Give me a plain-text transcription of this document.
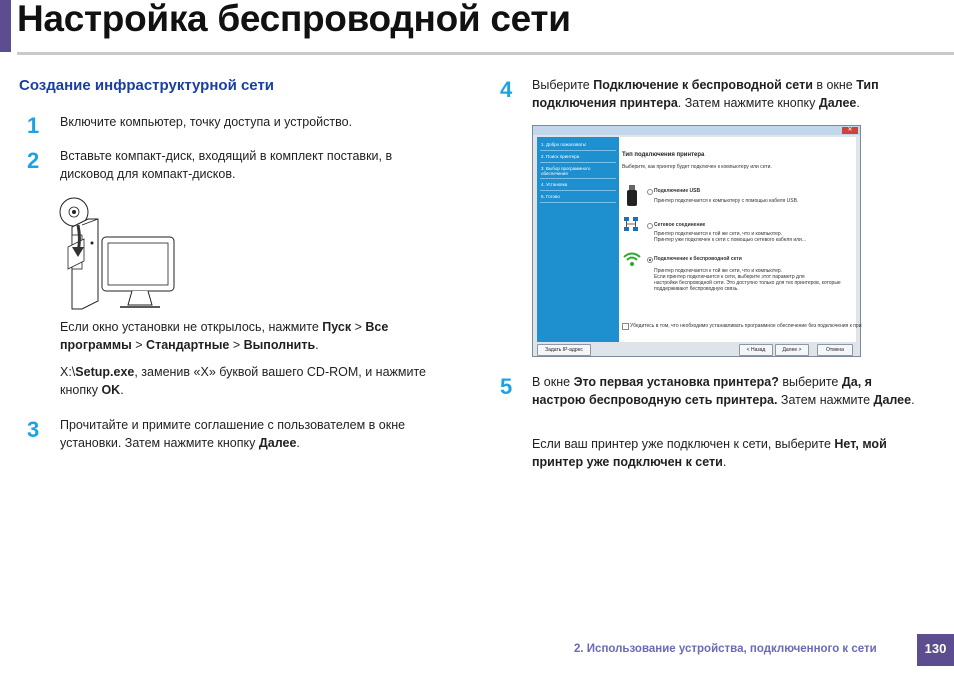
Настройка беспроводной сети
Создание инфраструктурной сети
1 Включите компьютер, точку доступа и устройство.
2 Вставьте компакт-диск, входящий в комплект поставки, в дисковод для компакт-дисков.
Если окно установки не открылось, нажмите Пуск > Все программы > Стандартные > Выполнить.
X:\Setup.exe, заменив «X» буквой вашего CD-ROM, и нажмите кнопку OK.
3 Прочитайте и примите соглашение с пользователем в окне установки. Затем нажмите кнопку Далее.
4 Выберите Подключение к беспроводной сети в окне Тип подключения принтера. Затем нажмите кнопку Далее.
✕
1. Добро пожаловать!
2. Поиск принтера
3. Выбор программного обеспечения
4. Установка
5. Готово
Тип подключения принтера
Выберите, как принтер будет подключен к компьютеру или сети.
Подключение USB
Принтер подключается к компьютеру с помощью кабеля USB.
Сетевое соединение
Принтер подключается к той же сети, что и компьютер.
Принтер уже подключен к сети с помощью сетевого кабеля или...
Подключение к беспроводной сети
Принтер подключается к той же сети, что и компьютер.
Если принтер подключается к сети, выберите этот параметр для
настройки беспроводной сети. Это доступно только для тех принтеров, которые
поддерживают беспроводную связь.
Убедитесь в том, что необходимо устанавливать программное обеспечение без подключения к при
Задать IP-адрес	< Назад	Далее >	Отмена
5 В окне Это первая установка принтера? выберите Да, я настрою беспроводную сеть принтера. Затем нажмите Далее.
Если ваш принтер уже подключен к сети, выберите Нет, мой принтер уже подключен к сети.
2. Использование устройства, подключенного к сети	130
